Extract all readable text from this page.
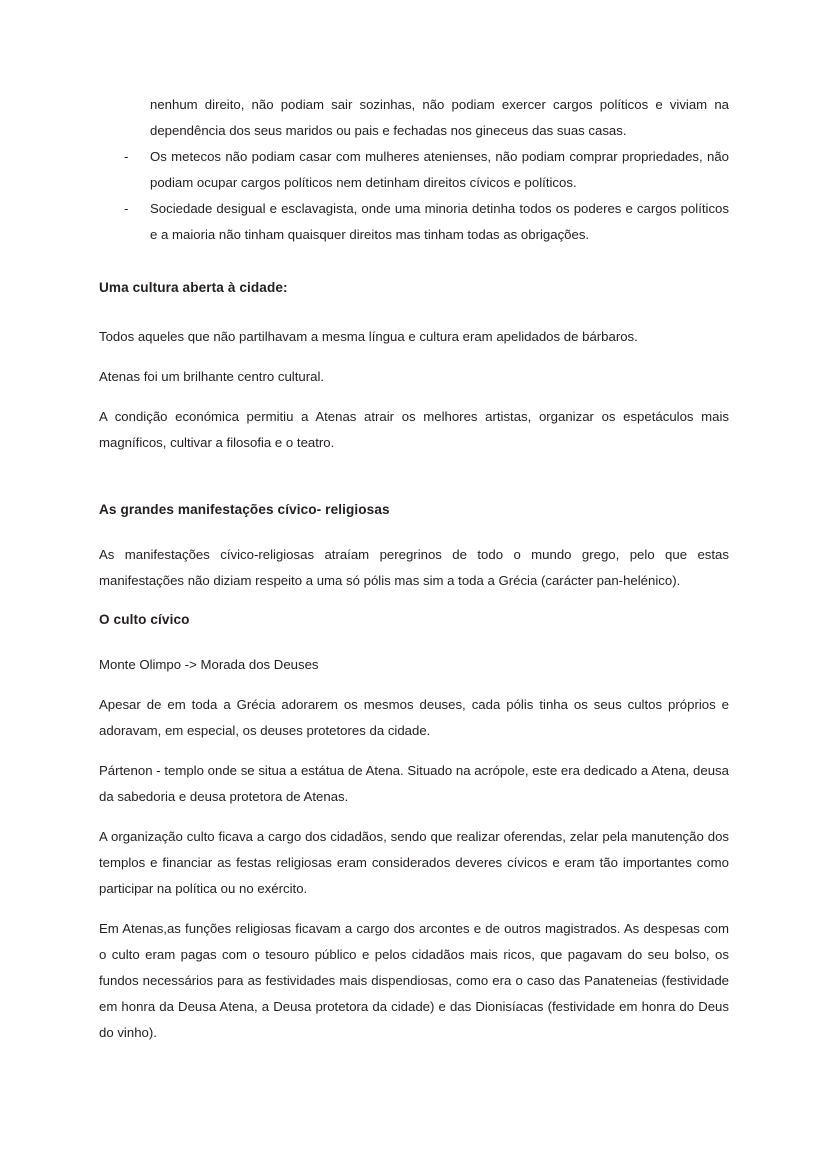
nenhum direito, não podiam sair sozinhas, não podiam exercer cargos políticos e viviam na dependência dos seus maridos ou pais e fechadas nos gineceus das suas casas.
- Os metecos não podiam casar com mulheres atenienses, não podiam comprar propriedades, não podiam ocupar cargos políticos nem detinham direitos cívicos e políticos.
- Sociedade desigual e esclavagista, onde uma minoria detinha todos os poderes e cargos políticos e a maioria não tinham quaisquer direitos mas tinham todas as obrigações.
Uma cultura aberta à cidade:

Todos aqueles que não partilhavam a mesma língua e cultura eram apelidados de bárbaros.

Atenas foi um brilhante centro cultural.

A condição económica permitiu a Atenas atrair os melhores artistas, organizar os espetáculos mais magníficos, cultivar a filosofia e o teatro.

As grandes manifestações cívico- religiosas

As manifestações cívico-religiosas atraíam peregrinos de todo o mundo grego, pelo que estas manifestações não diziam respeito a uma só pólis mas sim a toda a Grécia (carácter pan-helénico).

O culto cívico

Monte Olimpo -> Morada dos Deuses

Apesar de em toda a Grécia adorarem os mesmos deuses, cada pólis tinha os seus cultos próprios e adoravam, em especial, os deuses protetores da cidade.

Pártenon - templo onde se situa a estátua de Atena. Situado na acrópole, este era dedicado a Atena, deusa da sabedoria e deusa protetora de Atenas.

A organização culto ficava a cargo dos cidadãos, sendo que realizar oferendas, zelar pela manutenção dos templos e financiar as festas religiosas eram considerados deveres cívicos e eram tão importantes como participar na política ou no exército.

Em Atenas,as funções religiosas ficavam a cargo dos arcontes e de outros magistrados. As despesas com o culto eram pagas com o tesouro público e pelos cidadãos mais ricos, que pagavam do seu bolso, os fundos necessários para as festividades mais dispendiosas, como era o caso das Panateneias (festividade em honra da Deusa Atena, a Deusa protetora da cidade) e das Dionisíacas (festividade em honra do Deus do vinho).
